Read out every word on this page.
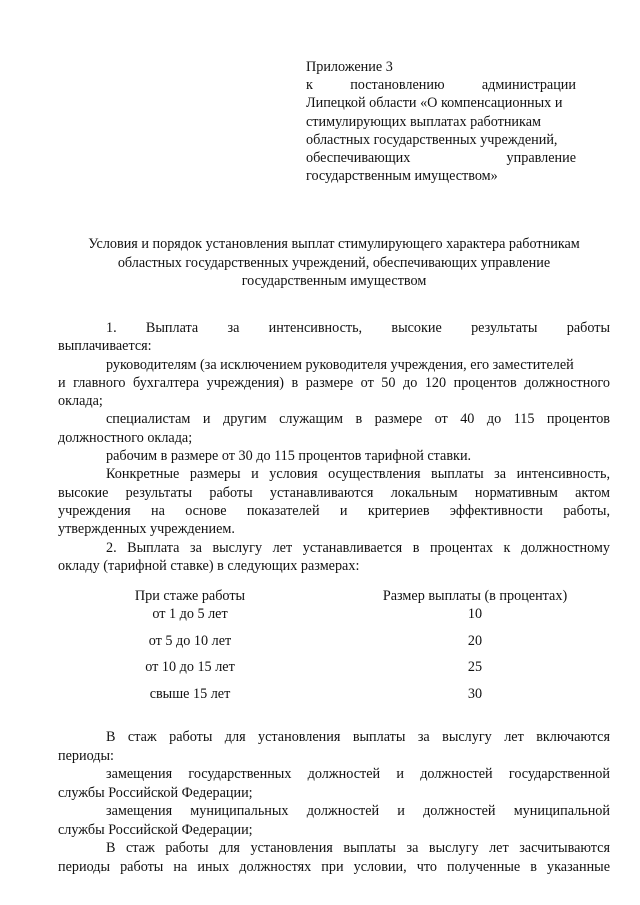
Приложение 3
к постановлению администрации
Липецкой области «О компенсационных и
стимулирующих выплатах работникам
областных государственных учреждений,
обеспечивающих управление
государственным имуществом»
Условия и порядок установления выплат стимулирующего характера работникам
областных государственных учреждений, обеспечивающих управление
государственным имуществом
1. Выплата за интенсивность, высокие результаты работы
выплачивается:
руководителям (за исключением руководителя учреждения, его заместителей
и главного бухгалтера учреждения) в размере от 50 до 120 процентов должностного
оклада;
специалистам и другим служащим в размере от 40 до 115 процентов
должностного оклада;
рабочим в размере от 30 до 115 процентов тарифной ставки.
Конкретные размеры и условия осуществления выплаты за интенсивность,
высокие результаты работы устанавливаются локальным нормативным актом
учреждения на основе показателей и критериев эффективности работы,
утвержденных учреждением.
2. Выплата за выслугу лет устанавливается в процентах к должностному
окладу (тарифной ставке) в следующих размерах:
При стаже работы	Размер выплаты (в процентах)
от 1 до 5 лет	10
от 5 до 10 лет	20
от 10 до 15 лет	25
свыше 15 лет	30
В стаж работы для установления выплаты за выслугу лет включаются
периоды:
замещения государственных должностей и должностей государственной
службы Российской Федерации;
замещения муниципальных должностей и должностей муниципальной
службы Российской Федерации;
В стаж работы для установления выплаты за выслугу лет засчитываются
периоды работы на иных должностях при условии, что полученные в указанные
